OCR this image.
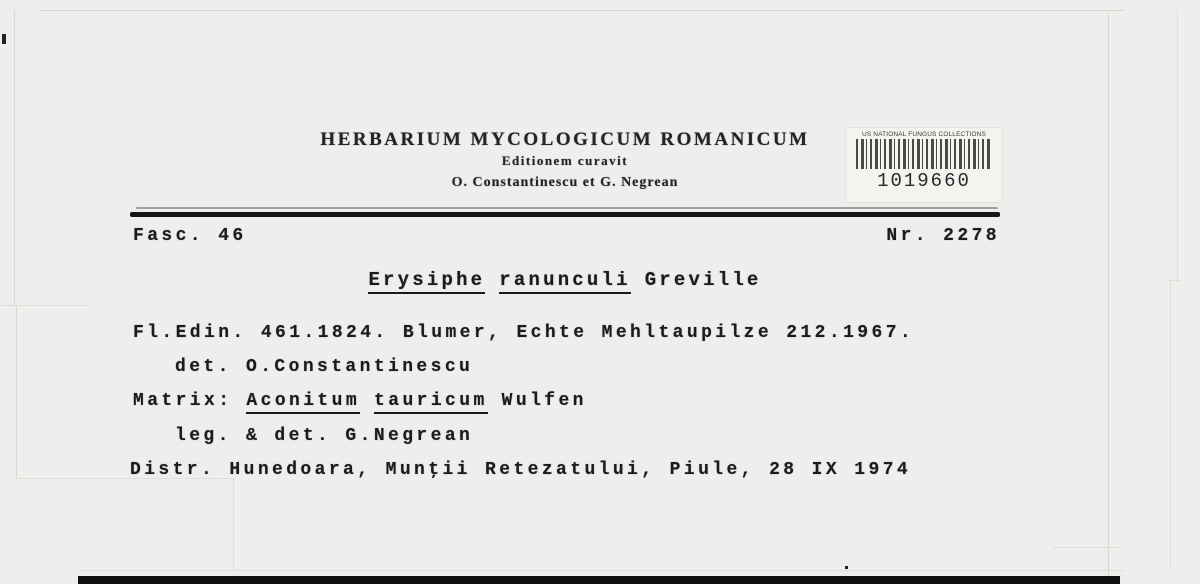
HERBARIUM MYCOLOGICUM ROMANICUM
Editionem curavit
O. Constantinescu et G. Negrean
US NATIONAL FUNGUS COLLECTIONS
1019660
Fasc. 46	Nr. 2278
Erysiphe ranunculi Greville
Fl.Edin. 461.1824. Blumer, Echte Mehltaupilze 212.1967.
det. O.Constantinescu
Matrix: Aconitum tauricum Wulfen
leg. & det. G.Negrean
Distr. Hunedoara, Munţii Retezatului, Piule, 28 IX 1974
